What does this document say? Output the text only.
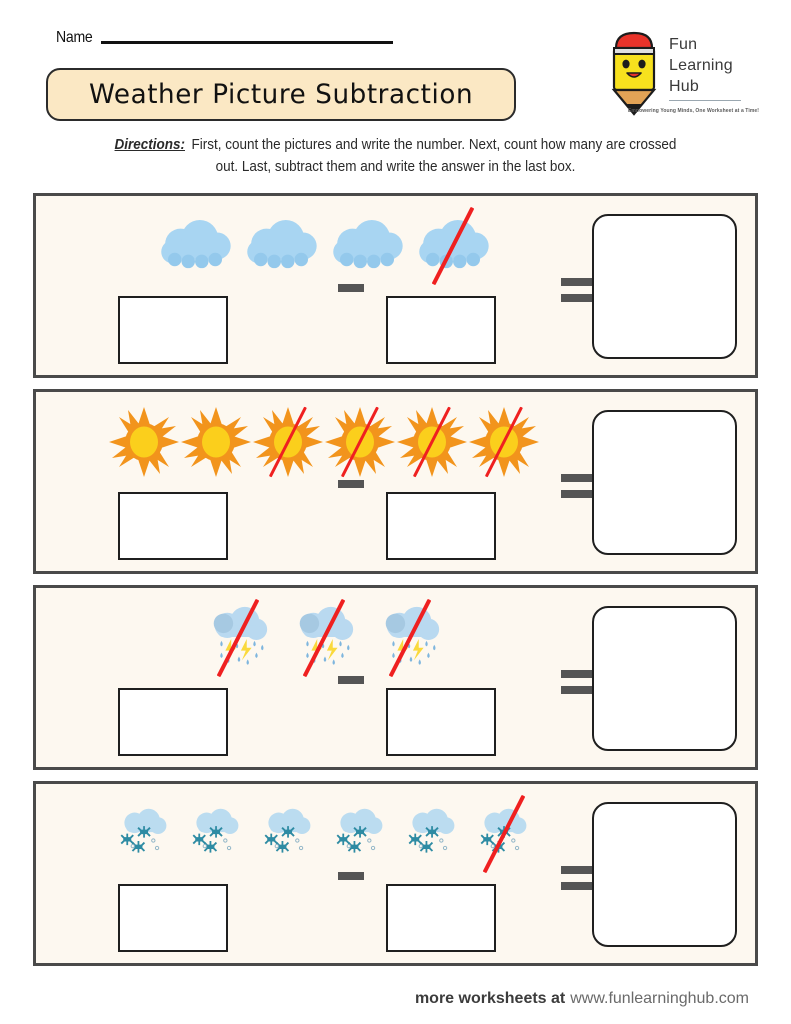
Name
Weather Picture Subtraction
Fun
Learning
Hub
Empowering Young Minds, One Worksheet at a Time!
Directions: First, count the pictures and write the number. Next, count how many are crossed
out. Last, subtract them and write the answer in the last box.
more worksheets at www.funlearninghub.com
